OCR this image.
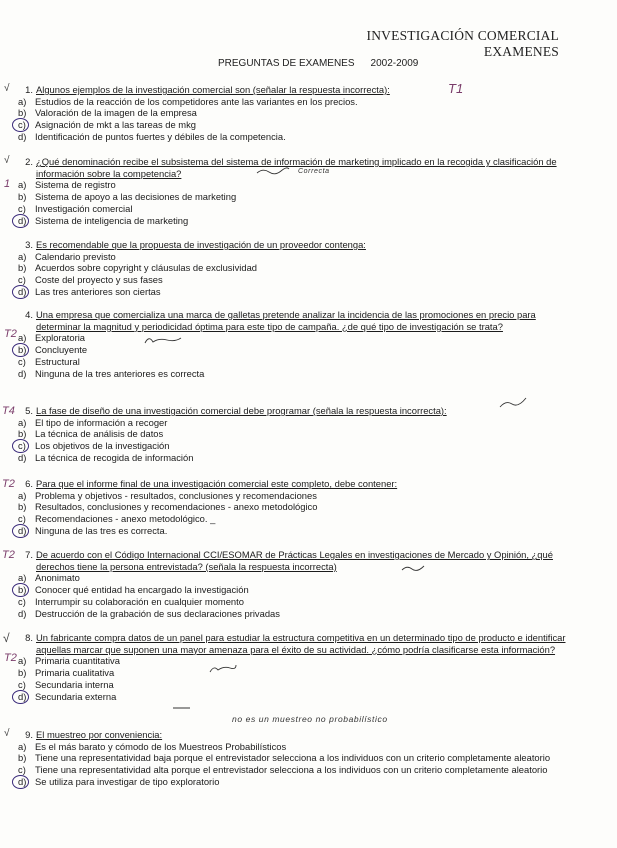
INVESTIGACIÓN COMERCIAL
EXAMENES
PREGUNTAS DE EXAMENES 2002-2009
1. Algunos ejemplos de la investigación comercial son (señalar la respuesta incorrecta):
a) Estudios de la reacción de los competidores ante las variantes en los precios.
b) Valoración de la imagen de la empresa
c) Asignación de mkt a las tareas de mkg
d) Identificación de puntos fuertes y débiles de la competencia.
2. ¿Qué denominación recibe el subsistema del sistema de información de marketing implicado en la recogida y clasificación de información sobre la competencia?
a) Sistema de registro
b) Sistema de apoyo a las decisiones de marketing
c) Investigación comercial
d) Sistema de inteligencia de marketing
3. Es recomendable que la propuesta de investigación de un proveedor contenga:
a) Calendario previsto
b) Acuerdos sobre copyright y cláusulas de exclusividad
c) Coste del proyecto y sus fases
d) Las tres anteriores son ciertas
4. Una empresa que comercializa una marca de galletas pretende analizar la incidencia de las promociones en precio para determinar la magnitud y periodicidad óptima para este tipo de campaña. ¿de qué tipo de investigación se trata?
a) Exploratoria
b) Concluyente
c) Estructural
d) Ninguna de la tres anteriores es correcta
5. La fase de diseño de una investigación comercial debe programar (señala la respuesta incorrecta):
a) El tipo de información a recoger
b) La técnica de análisis de datos
c) Los objetivos de la investigación
d) La técnica de recogida de información
6. Para que el informe final de una investigación comercial este completo, debe contener:
a) Problema y objetivos - resultados, conclusiones y recomendaciones
b) Resultados, conclusiones y recomendaciones - anexo metodológico
c) Recomendaciones - anexo metodológico. _
d) Ninguna de las tres es correcta.
7. De acuerdo con el Código Internacional CCI/ESOMAR de Prácticas Legales en investigaciones de Mercado y Opinión, ¿qué derechos tiene la persona entrevistada? (señala la respuesta incorrecta)
a) Anonimato
b) Conocer qué entidad ha encargado la investigación
c) Interrumpir su colaboración en cualquier momento
d) Destrucción de la grabación de sus declaraciones privadas
8. Un fabricante compra datos de un panel para estudiar la estructura competitiva en un determinado tipo de producto e identificar aquellas marcar que suponen una mayor amenaza para el éxito de su actividad. ¿cómo podría clasificarse esta información?
a) Primaria cuantitativa
b) Primaria cualitativa
c) Secundaria interna
d) Secundaria externa
9. El muestreo por conveniencia:
a) Es el más barato y cómodo de los Muestreos Probabilísticos
b) Tiene una representatividad baja porque el entrevistador selecciona a los individuos con un criterio completamente aleatorio
c) Tiene una representatividad alta porque el entrevistador selecciona a los individuos con un criterio completamente aleatorio
d) Se utiliza para investigar de tipo exploratorio
√	T1
√
1
Correcta
T2
T4
T2
T2
√
T2
√
no es un muestreo no probabilístico
